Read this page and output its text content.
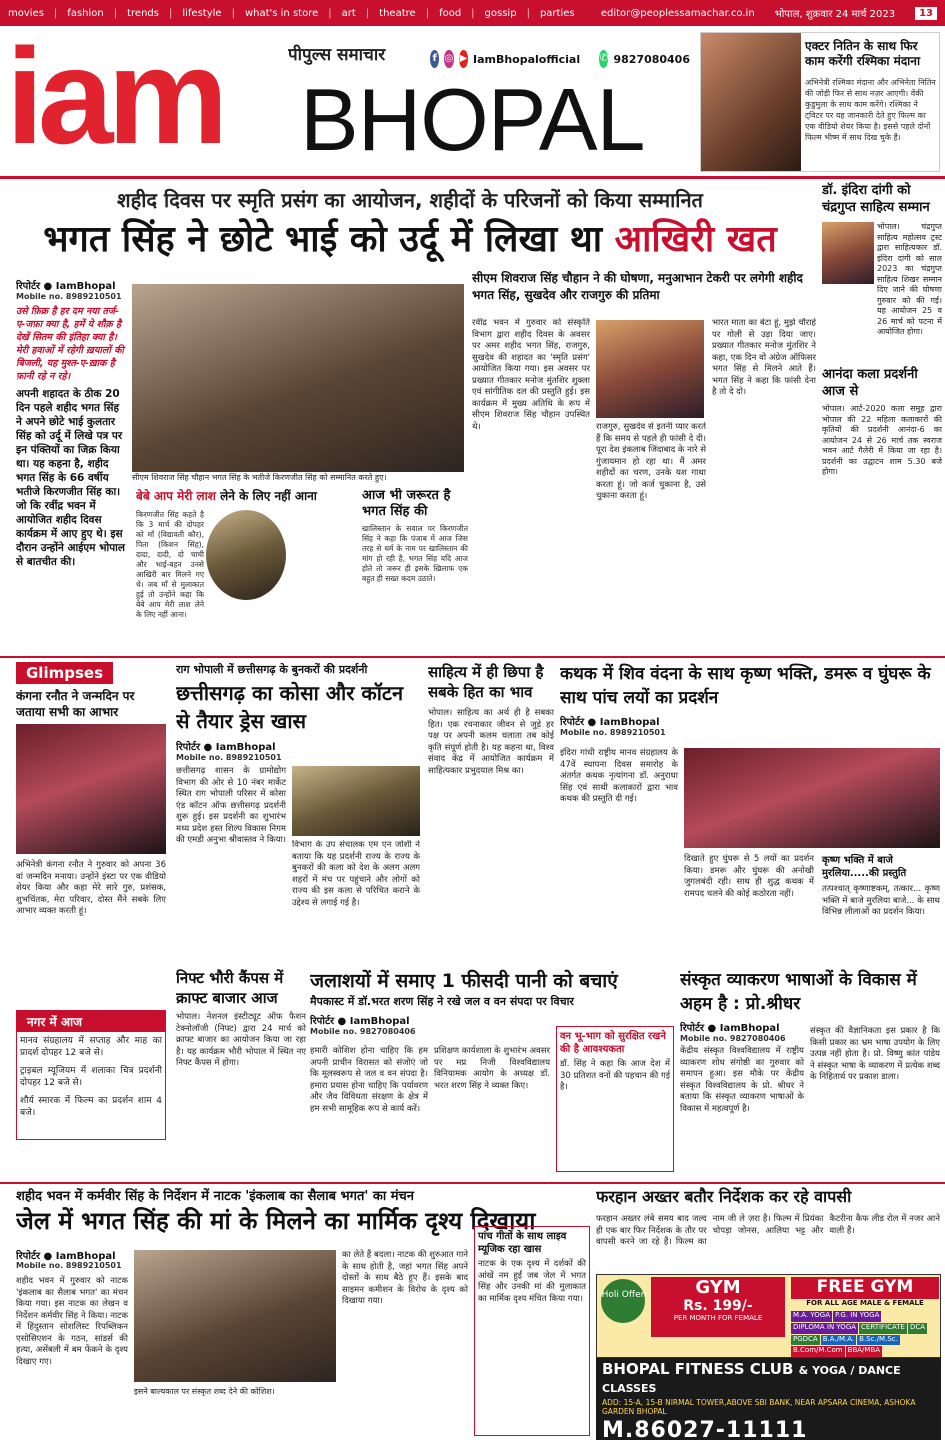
movies | fashion | trends | lifestyle | what's in store | art | theatre | food | gossip | parties	editor@peoplessamachar.co.in भोपाल, शुक्रवार 24 मार्च 2023	13
iam	पीपुल्स समाचार	f ◎ ▶ IamBhopalofficial ✆ 9827080406
BHOPAL
एक्टर नितिन के साथ फिर काम करेंगी रश्मिका मंदाना
अभिनेत्री रश्मिका मंदाना और अभिनेता नितिन की जोड़ी फिर से साथ नज़र आएगी। वेंकी कुडुमुला के साथ काम करेंगे। रश्मिका ने ट्विटर पर यह जानकारी देते हुए फिल्म का एक वीडियो शेयर किया है। इससे पहले दोनों फिल्म भीष्म में साथ दिख चुके हैं।
शहीद दिवस पर स्मृति प्रसंग का आयोजन, शहीदों के परिजनों को किया सम्मानित
भगत सिंह ने छोटे भाई को उर्दू में लिखा था आखिरी खत
रिपोर्टर ● IamBhopal
Mobile no. 8989210501
उसे फ़िक्र है हर दम नया तर्ज-ए-जफ़ा क्या है, हमें ये शौक़ है देखें सितम की इंतिहा क्या है। मेरी हवाओं में रहेगी ख़यालों की बिजली, यह मुश्त-ए-ख़ाक है फ़ानी रहे न रहे।
अपनी शहादत के ठीक 20 दिन पहले शहीद भगत सिंह ने अपने छोटे भाई कुलतार सिंह को उर्दू में लिखे पत्र पर इन पंक्तियों का जिक्र किया था। यह कहना है, शहीद भगत सिंह के 66 वर्षीय भतीजे किरणजीत सिंह का। जो कि रवींद्र भवन में आयोजित शहीद दिवस कार्यक्रम में आए हुए थे। इस दौरान उन्होंने आईएम भोपाल से बातचीत की।
सीएम शिवराज सिंह चौहान भगत सिंह के भतीजे किरणजीत सिंह को सम्मानित करते हुए।
सीएम शिवराज सिंह चौहान ने की घोषणा, मनुआभान टेकरी पर लगेगी शहीद भगत सिंह, सुखदेव और राजगुरु की प्रतिमा
रवींद्र भवन में गुरुवार को संस्कृति विभाग द्वारा शहीद दिवस के अवसर पर अमर शहीद भगत सिंह, राजगुरु, सुखदेव की शहादत का 'स्मृति प्रसंग' आयोजित किया गया। इस अवसर पर प्रख्यात गीतकार मनोज मुंतशिर शुक्ला एवं सांगीतिक दल की प्रस्तुति हुई। इस कार्यक्रम में मुख्य अतिथि के रूप में सीएम शिवराज सिंह चौहान उपस्थित थे।	राजगुरु, सुखदेव से इतनी प्यार करते हैं कि समय से पहले ही फांसी दे दी। पूरा देश इंकलाब जिंदाबाद के नारे से गुंजायमान हो रहा था। मैं अमर शहीदों का चरण, उनके यश गाथा करता हूं। जो कर्ज चुकाना है, उसे चुकाना करता हूं।
भारत माता का बेटा हूं, मुझे चौराहे पर गोली से उड़ा दिया जाए। प्रख्यात गीतकार मनोज मुंतशिर ने कहा, एक दिन वो अंग्रेज ऑफिसर भगत सिंह से मिलने आते हैं। भगत सिंह ने कहा कि फांसी देना है तो दे दो।
बेबे आप मेरी लाश लेने के लिए नहीं आना
किरणजीत सिंह कहते है कि 3 मार्च की दोपहर को माँ (विद्यावती कौर), पिता (किशन सिंह), दादा, दादी, दो चाची और भाई-बहन उनसे आखिरी बार मिलने गए थे। जब माँ से मुलाकात हुई तो उन्होंने कहा कि बेबे आप मेरी लाश लेने के लिए नहीं आना।
आज भी जरूरत है भगत सिंह की
खालिस्तान के सवाल पर किरणजीत सिंह ने कहा कि पंजाब में आज जिस तरह से धर्म के नाम पर खालिस्तान की मांग हो रही है, भगत सिंह यदि आज होते तो जरूर ही इसके खिलाफ एक बहुत ही सख्त कदम उठाते।
डॉ. इंदिरा दांगी को चंद्रगुप्त साहित्य सम्मान
भोपाल। चंद्रगुप्त साहित्य महोत्सव ट्रस्ट द्वारा साहित्यकार डॉ. इंदिरा दांगी को साल 2023 का चंद्रगुप्त साहित्य शिखर सम्मान दिए जाने की घोषणा गुरुवार को की गई। यह आयोजन 25 व 26 मार्च को पटना में आयोजित होगा।
आनंदा कला प्रदर्शनी आज से
भोपाल। आर्ट-2020 कला समूह द्वारा भोपाल की 22 महिला कलाकारों की कृतियों की प्रदर्शनी आनंदा-6 का आयोजन 24 से 26 मार्च तक स्वराज भवन आर्ट गैलेरी में किया जा रहा है। प्रदर्शनी का उद्घाटन शाम 5.30 बजे होगा।
Glimpses
कंगना रनौत ने जन्मदिन पर जताया सभी का आभार
अभिनेत्री कंगना रनौत ने गुरुवार को अपना 36 वां जन्मदिन मनाया। उन्होंने इंस्टा पर एक वीडियो शेयर किया और कहा मेरे सारे गुरु, प्रशंसक, शुभचिंतक, मेरा परिवार, दोस्त मैंने सबके लिए आभार व्यक्त करती हूं।
नगर में आज
मानव संग्रहालय में सप्ताह और माह का प्रादर्श दोपहर 12 बजे से।
ट्राइबल म्यूजियम में शलाका चित्र प्रदर्शनी दोपहर 12 बजे से।
शौर्य स्मारक में फिल्म का प्रदर्शन शाम 4 बजे।
राग भोपाली में छत्तीसगढ़ के बुनकरों की प्रदर्शनी
छत्तीसगढ़ का कोसा और कॉटन से तैयार ड्रेस खास
रिपोर्टर ● IamBhopal
Mobile no. 8989210501
छत्तीसगढ़ शासन के ग्रामोद्योग विभाग की ओर से 10 नंबर मार्केट स्थित राग भोपाली परिसर में कोसा एंड कॉटन ऑफ छत्तीसगढ़ प्रदर्शनी शुरू हुई। इस प्रदर्शनी का शुभारंभ मध्य प्रदेश हस्त शिल्प विकास निगम की एमडी अनुभा श्रीवास्तव ने किया। विभाग के उप संचालक एम एन जोशी ने बताया कि यह प्रदर्शनी राज्य के राज्य के बुनकरों की कला को देश के अलग अलग शहरों में मंच पर पहुंचाने और लोगों को राज्य की इस कला से परिचित कराने के उद्देश्य से लगाई गई है।
साहित्य में ही छिपा है सबके हित का भाव
भोपाल। साहित्य का अर्थ ही है सबका हित। एक रचनाकार जीवन से जुड़े हर पक्ष पर अपनी कलम चलाता तब कोई कृति संपूर्ण होती है। यह कहना था, विश्व संवाद केंद्र में आयोजित कार्यक्रम में साहित्यकार प्रभुदयाल मिश्र का।
कथक में शिव वंदना के साथ कृष्ण भक्ति, डमरू व घुंघरू के साथ पांच लयों का प्रदर्शन
रिपोर्टर ● IamBhopal
Mobile no. 8989210501
इंदिरा गांधी राष्ट्रीय मानव संग्रहालय के 47वें स्थापना दिवस समारोह के अंतर्गत कथक नृत्यांगना डॉ. अनुराधा सिंह एवं साथी कलाकारों द्वारा भाव कथक की प्रस्तुति दी गई।
दिखाते हुए घुंघरू से 5 लयों का प्रदर्शन किया। डमरू और घुंघरू की अनोखी जुगलबंदी रही। साथ ही शुद्ध कथक में रामपद चलने की कोई कठोरता नहीं।
कृष्ण भक्ति में बाजे मुरलिया.....की प्रस्तुति
तत्पश्चात् कृष्णाष्टकम्, तत्कार... कृष्ण भक्ति में बाजे मुरलिया बाजे... के साथ विभिन्न लीलाओं का प्रदर्शन किया।
निफ्ट भौरी कैंपस में क्राफ्ट बाजार आज
भोपाल। नेशनल इंस्टीट्यूट ऑफ फैशन टेक्नोलॉजी (निफ्ट) द्वारा 24 मार्च को क्राफ्ट बाजार का आयोजन किया जा रहा है। यह कार्यक्रम भौरी भोपाल में स्थित नए निफ्ट कैंपस में होगा।
जलाशयों में समाए 1 फीसदी पानी को बचाएं
मैपकास्ट में डॉ.भरत शरण सिंह ने रखे जल व वन संपदा पर विचार
रिपोर्टर ● IamBhopal
Mobile no. 9827080406
हमारी कोशिश होना चाहिए कि हम अपनी प्राचीन विरासत को संजोएं जो कि मूलस्वरूप से जल व वन संपदा है। हमारा प्रयास होना चाहिए कि पर्यावरण और जैव विविधता संरक्षण के क्षेत्र में हम सभी सामूहिक रूप से कार्य करें।
प्रशिक्षण कार्यशाला के शुभारंभ अवसर पर मप्र निजी विश्वविद्यालय विनियामक आयोग के अध्यक्ष डॉ. भरत शरण सिंह ने व्यक्त किए।
वन भू-भाग को सुरक्षित रखने की है आवश्यकता
डॉ. सिंह ने कहा कि आज देश में 30 प्रतिशत वनों की पहचान की गई है।
संस्कृत व्याकरण भाषाओं के विकास में अहम है : प्रो.श्रीधर
रिपोर्टर ● IamBhopal
Mobile no. 9827080406
केंद्रीय संस्कृत विश्वविद्यालय में राष्ट्रीय व्याकरण शोध संगोष्ठी का गुरुवार को समापन हुआ। इस मौके पर केंद्रीय संस्कृत विश्वविद्यालय के प्रो. श्रीधर ने बताया कि संस्कृत व्याकरण भाषाओं के विकास में महत्वपूर्ण है।
संस्कृत की वैज्ञानिकता इस प्रकार है कि किसी प्रकार का भ्रम भाषा उपयोग के लिए उत्पन्न नहीं होता है। प्रो. विष्णु कांत पांडेय ने संस्कृत भाषा के व्याकरण में प्रत्येक शब्द के निहितार्थ पर प्रकाश डाला।
शहीद भवन में कर्मवीर सिंह के निर्देशन में नाटक 'इंकलाब का सैलाब भगत' का मंचन
जेल में भगत सिंह की मां के मिलने का मार्मिक दृश्य दिखाया
रिपोर्टर ● IamBhopal
Mobile no. 8989210501
शहीद भवन में गुरुवार को नाटक 'इंकलाब का सैलाब भगत' का मंचन किया गया। इस नाटक का लेखन व निर्देशन कर्मवीर सिंह ने किया। नाटक में हिंदुस्तान सोशलिस्ट रिपब्लिकन एसोसिएशन के गठन, सांडर्स की हत्या, असेंबली में बम फेंकने के दृश्य दिखाए गए।
इसने बाल्यकाल पर संस्कृत शब्द देने की कोशिश।
का लेते हैं बदला। नाटक की शुरुआत गाने के साथ होती है, जहां भगत सिंह अपने दोस्तों के साथ बैठे हुए हैं। इसके बाद साइमन कमीशन के विरोध के दृश्य को दिखाया गया।
पांच गीतों के साथ लाइव म्यूजिक रहा खास
नाटक के एक दृश्य में दर्शकों की आंखें नम हुईं जब जेल में भगत सिंह और उनकी मां की मुलाकात का मार्मिक दृश्य मंचित किया गया।
फरहान अख्तर बतौर निर्देशक कर रहे वापसी
फरहान अख्तर लंबे समय बाद जल्द ही एक बार फिर निर्देशक के तौर पर वापसी करने जा रहे हैं। फिल्म का नाम जी ले ज़रा है। फिल्म में प्रियंका चोपड़ा जोनस, आलिया भट्ट और कैटरीना कैफ लीड रोल में नजर आने वाली हैं।
Holi Offer	GYM
Rs. 199/-
PER MONTH FOR FEMALE
FREE GYM
FOR ALL AGE MALE & FEMALE
M.A. YOGA P.G. IN YOGA
DIPLOMA IN YOGA CERTIFICATE DCA
PGDCA B.A./M.A. B.Sc./M.Sc.
B.Com/M.Com BBA/MBA
BHOPAL FITNESS CLUB & YOGA / DANCE CLASSES
ADD: 15-A, 15-B NIRMAL TOWER,ABOVE SBI BANK, NEAR APSARA CINEMA, ASHOKA GARDEN BHOPAL
M.86027-11111
